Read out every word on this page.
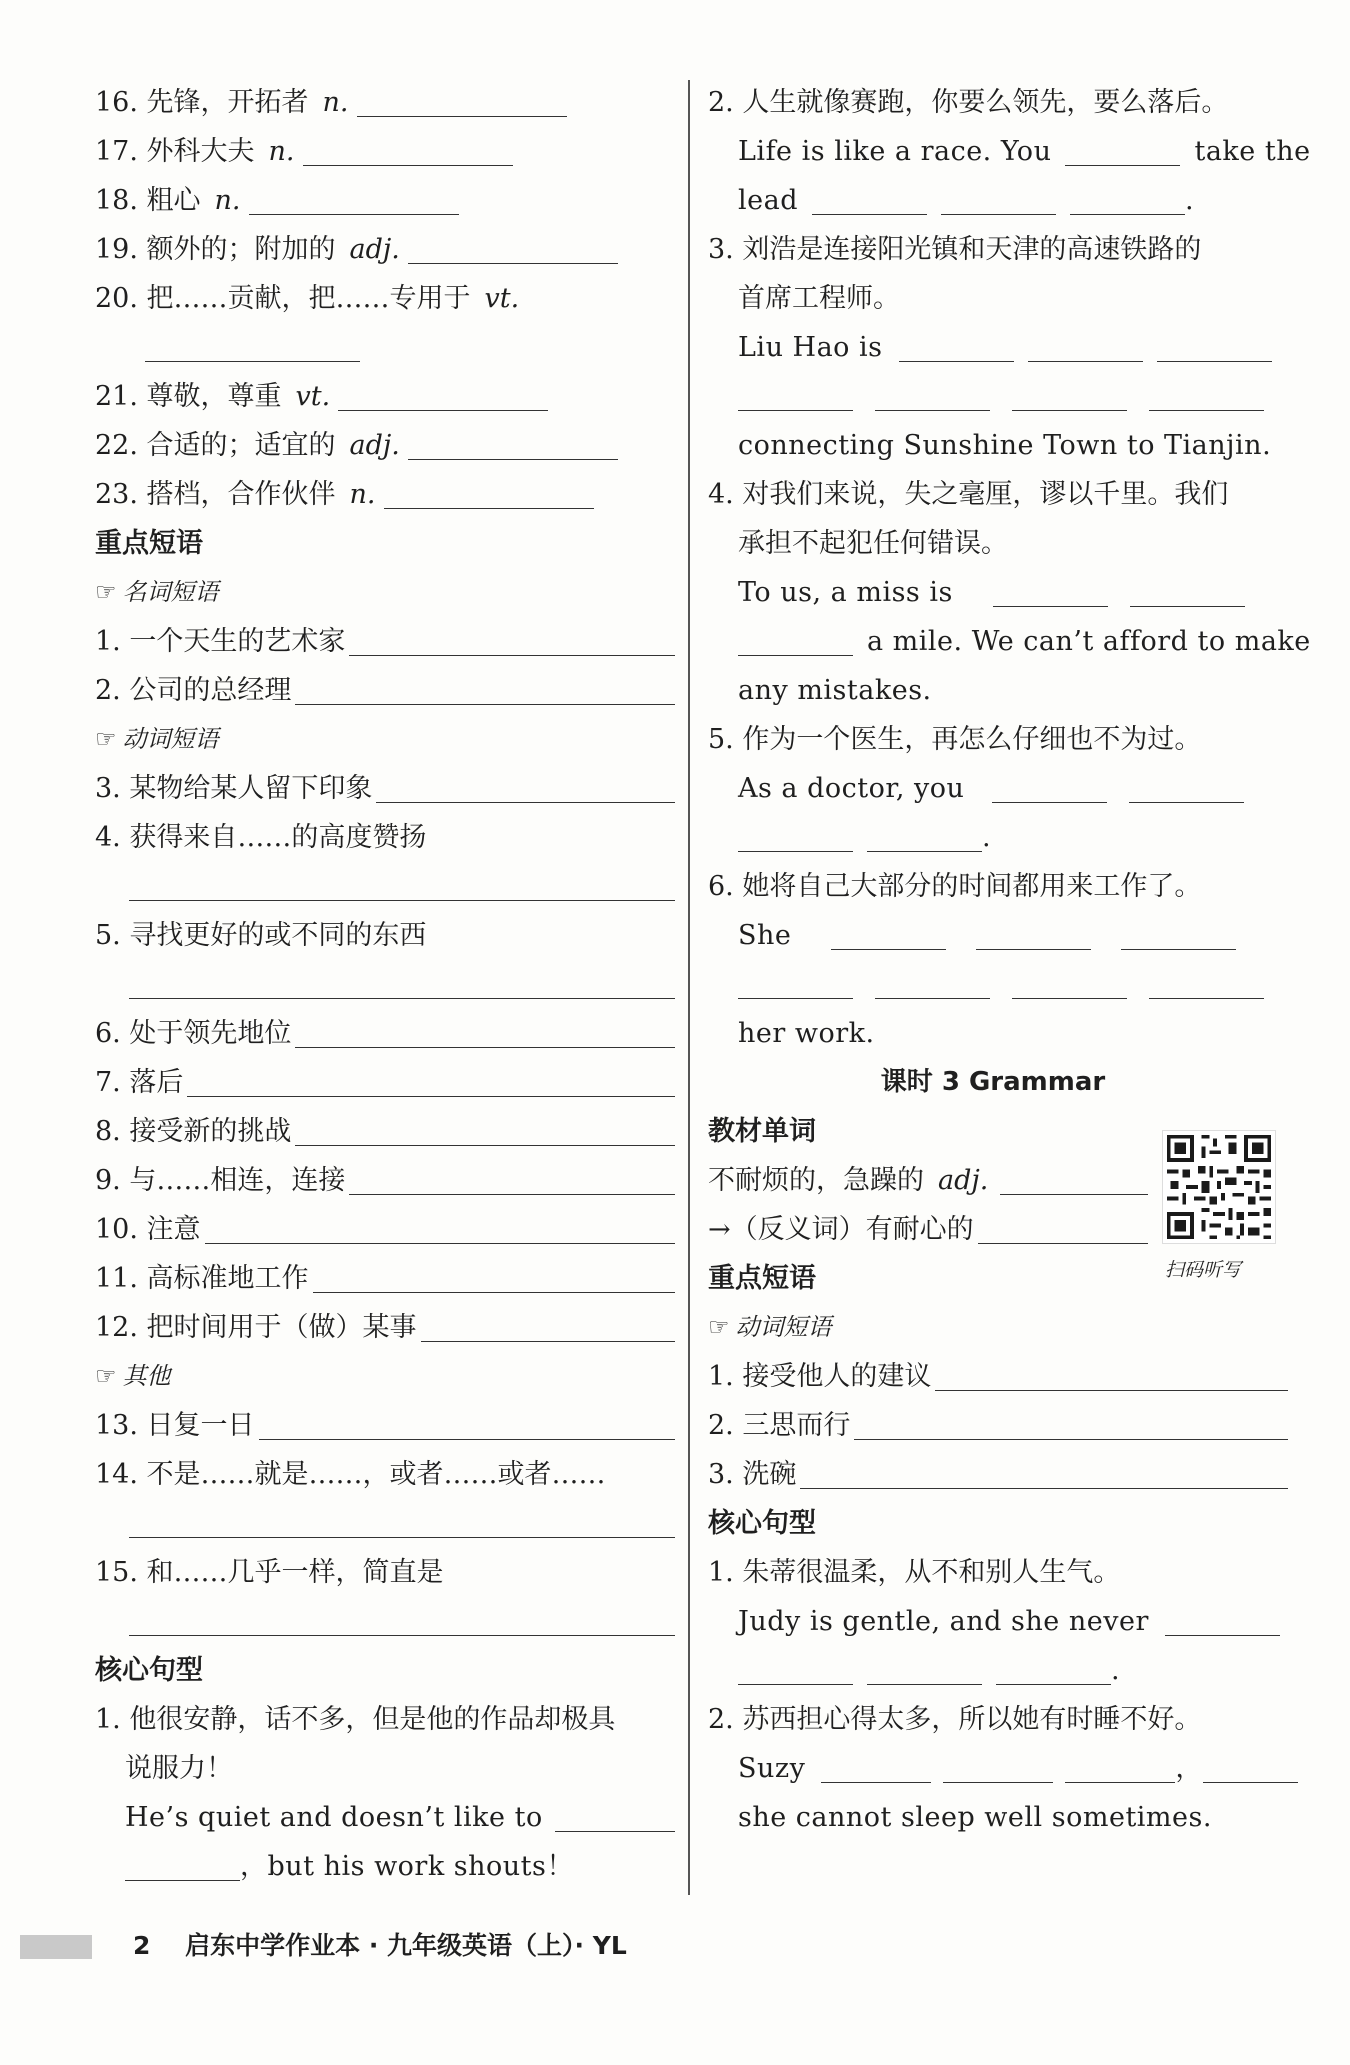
16. 先锋，开拓者 n.
17. 外科大夫 n.
18. 粗心 n.
19. 额外的；附加的 adj.
20. 把……贡献，把……专用于 vt.
21. 尊敬，尊重 vt.
22. 合适的；适宜的 adj.
23. 搭档，合作伙伴 n.
重点短语
☞ 名词短语
1. 一个天生的艺术家
2. 公司的总经理
☞ 动词短语
3. 某物给某人留下印象
4. 获得来自……的高度赞扬
5. 寻找更好的或不同的东西
6. 处于领先地位
7. 落后
8. 接受新的挑战
9. 与……相连，连接
10. 注意
11. 高标准地工作
12. 把时间用于（做）某事
☞ 其他
13. 日复一日
14. 不是……就是……，或者……或者……
15. 和……几乎一样，简直是
核心句型
1. 他很安静，话不多，但是他的作品却极具
说服力！
He’s quiet and doesn’t like to
，but his work shouts！
2. 人生就像赛跑，你要么领先，要么落后。
Life is like a race. You	take the
lead	.
3. 刘浩是连接阳光镇和天津的高速铁路的
首席工程师。
Liu Hao is
connecting Sunshine Town to Tianjin.
4. 对我们来说，失之毫厘，谬以千里。我们
承担不起犯任何错误。
To us, a miss is
a mile. We can’t afford to make
any mistakes.
5. 作为一个医生，再怎么仔细也不为过。
As a doctor, you
.
6. 她将自己大部分的时间都用来工作了。
She
her work.
课时 3 Grammar
教材单词
不耐烦的，急躁的 adj.
→（反义词）有耐心的
重点短语
☞ 动词短语
1. 接受他人的建议
2. 三思而行
3. 洗碗
核心句型
1. 朱蒂很温柔，从不和别人生气。
Judy is gentle, and she never
.
2. 苏西担心得太多，所以她有时睡不好。
Suzy	，
she cannot sleep well sometimes.
扫码听写
2 启东中学作业本 · 九年级英语（上）· YL
